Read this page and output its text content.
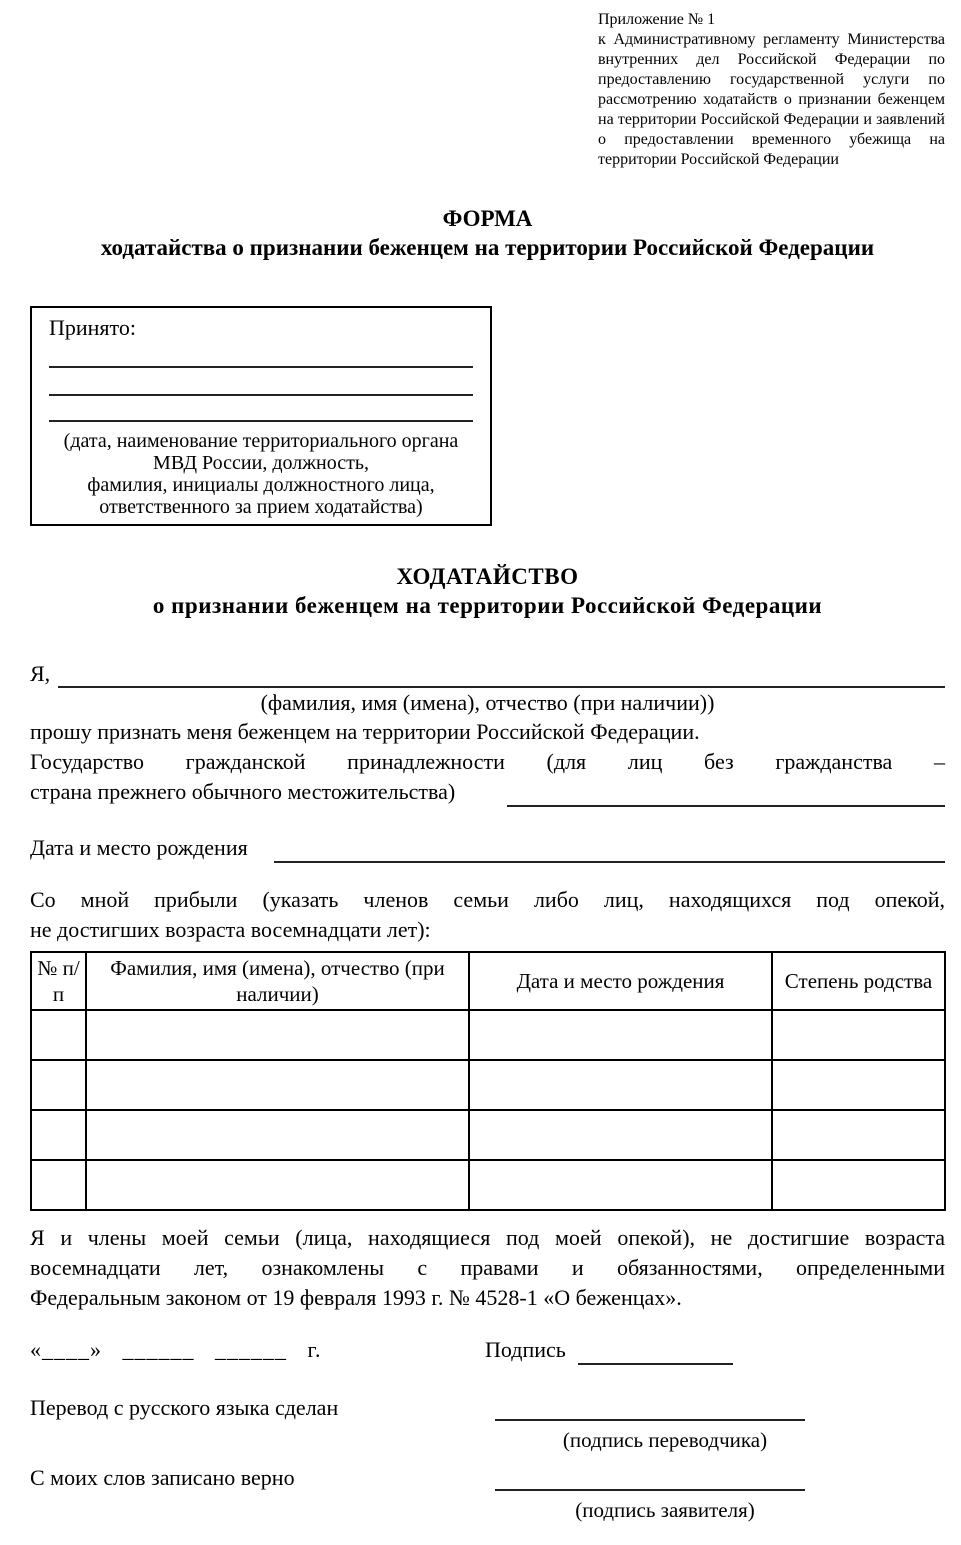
Приложение № 1
к Административному регламенту Министерства внутренних дел Российской Федерации по предоставлению государственной услуги по рассмотрению ходатайств о признании беженцем на территории Российской Федерации и заявлений о предоставлении временного убежища на территории Российской Федерации
ФОРМА
ходатайства о признании беженцем на территории Российской Федерации
Принято:
(дата, наименование территориального органа
МВД России, должность,
фамилия, инициалы должностного лица,
ответственного за прием ходатайства)
ХОДАТАЙСТВО
о признании беженцем на территории Российской Федерации
Я,
(фамилия, имя (имена), отчество (при наличии))
прошу признать меня беженцем на территории Российской Федерации.
Государство гражданской принадлежности (для лиц без гражданства –
страна прежнего обычного местожительства)
Дата и место рождения
Со мной прибыли (указать членов семьи либо лиц, находящихся под опекой,
не достигших возраста восемнадцати лет):
№ п/п	Фамилия, имя (имена), отчество (при наличии)	Дата и место рождения	Степень родства

Я и члены моей семьи (лица, находящиеся под моей опекой), не достигшие возраста
восемнадцати лет, ознакомлены с правами и обязанностями, определенными
Федеральным законом от 19 февраля 1993 г. № 4528-1 «О беженцах».
«____» ______ ______ г.	Подпись
Перевод с русского языка сделан
(подпись переводчика)
С моих слов записано верно
(подпись заявителя)
